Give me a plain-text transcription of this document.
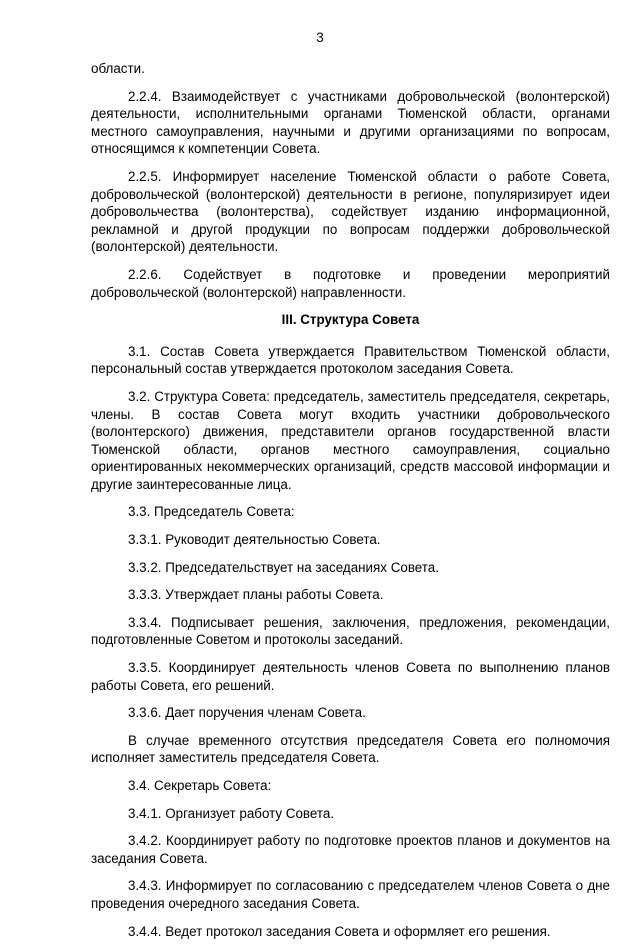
3

области.

2.2.4. Взаимодействует с участниками добровольческой (волонтерской) деятельности, исполнительными органами Тюменской области, органами местного самоуправления, научными и другими организациями по вопросам, относящимся к компетенции Совета.

2.2.5. Информирует население Тюменской области о работе Совета, добровольческой (волонтерской) деятельности в регионе, популяризирует идеи добровольчества (волонтерства), содействует изданию информационной, рекламной и другой продукции по вопросам поддержки добровольческой (волонтерской) деятельности.

2.2.6. Содействует в подготовке и проведении мероприятий добровольческой (волонтерской) направленности.

III. Структура Совета

3.1. Состав Совета утверждается Правительством Тюменской области, персональный состав утверждается протоколом заседания Совета.

3.2. Структура Совета: председатель, заместитель председателя, секретарь, члены. В состав Совета могут входить участники добровольческого (волонтерского) движения, представители органов государственной власти Тюменской области, органов местного самоуправления, социально ориентированных некоммерческих организаций, средств массовой информации и другие заинтересованные лица.

3.3. Председатель Совета:

3.3.1. Руководит деятельностью Совета.

3.3.2. Председательствует на заседаниях Совета.

3.3.3. Утверждает планы работы Совета.

3.3.4. Подписывает решения, заключения, предложения, рекомендации, подготовленные Советом и протоколы заседаний.

3.3.5. Координирует деятельность членов Совета по выполнению планов работы Совета, его решений.

3.3.6. Дает поручения членам Совета.

В случае временного отсутствия председателя Совета его полномочия исполняет заместитель председателя Совета.

3.4. Секретарь Совета:

3.4.1. Организует работу Совета.

3.4.2. Координирует работу по подготовке проектов планов и документов на заседания Совета.

3.4.3. Информирует по согласованию с председателем членов Совета о дне проведения очередного заседания Совета.

3.4.4. Ведет протокол заседания Совета и оформляет его решения.
